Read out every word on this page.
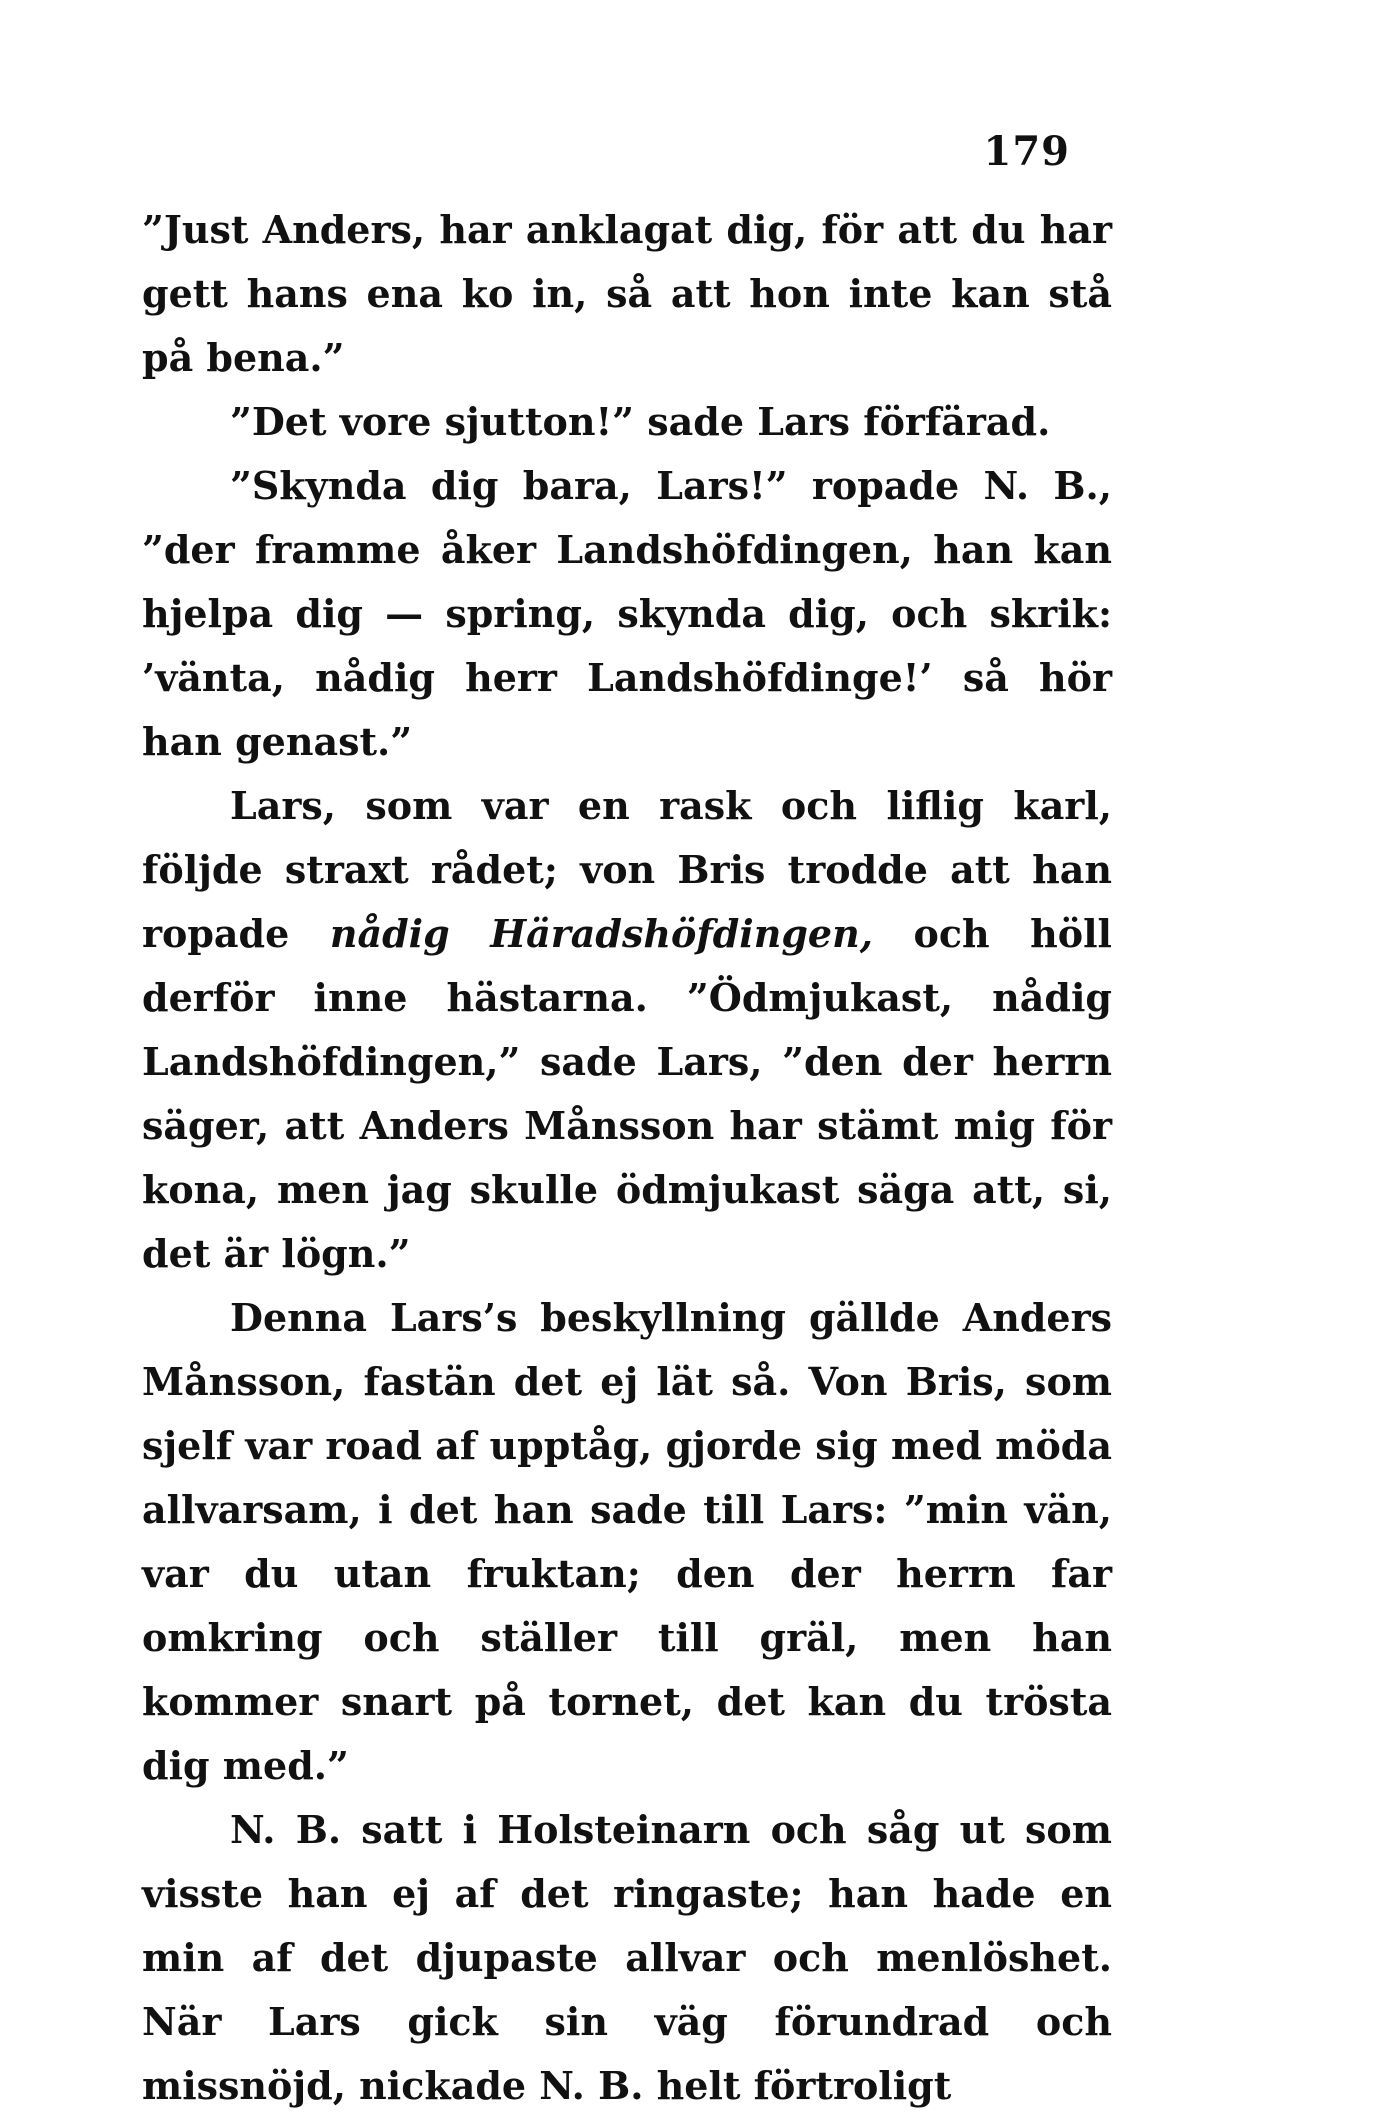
179

”Just Anders, har anklagat dig, för att du har gett hans ena ko in, så att hon inte kan stå på bena.”

”Det vore sjutton!” sade Lars förfärad.

”Skynda dig bara, Lars!” ropade N. B., ”der framme åker Landshöfdingen, han kan hjelpa dig — spring, skynda dig, och skrik: ’vänta, nådig herr Landshöfdinge!’ så hör han genast.”

Lars, som var en rask och liflig karl, följde straxt rådet; von Bris trodde att han ropade nådig Häradshöfdingen, och höll derför inne hästarna. ”Ödmjukast, nådig Landshöfdingen,” sade Lars, ”den der herrn säger, att Anders Månsson har stämt mig för kona, men jag skulle ödmjukast säga att, si, det är lögn.”

Denna Lars’s beskyllning gällde Anders Månsson, fastän det ej lät så. Von Bris, som sjelf var road af upptåg, gjorde sig med möda allvarsam, i det han sade till Lars: ”min vän, var du utan fruktan; den der herrn far omkring och ställer till gräl, men han kommer snart på tornet, det kan du trösta dig med.”

N. B. satt i Holsteinarn och såg ut som visste han ej af det ringaste; han hade en min af det djupaste allvar och menlöshet. När Lars gick sin väg förundrad och missnöjd, nickade N. B. helt förtroligt
